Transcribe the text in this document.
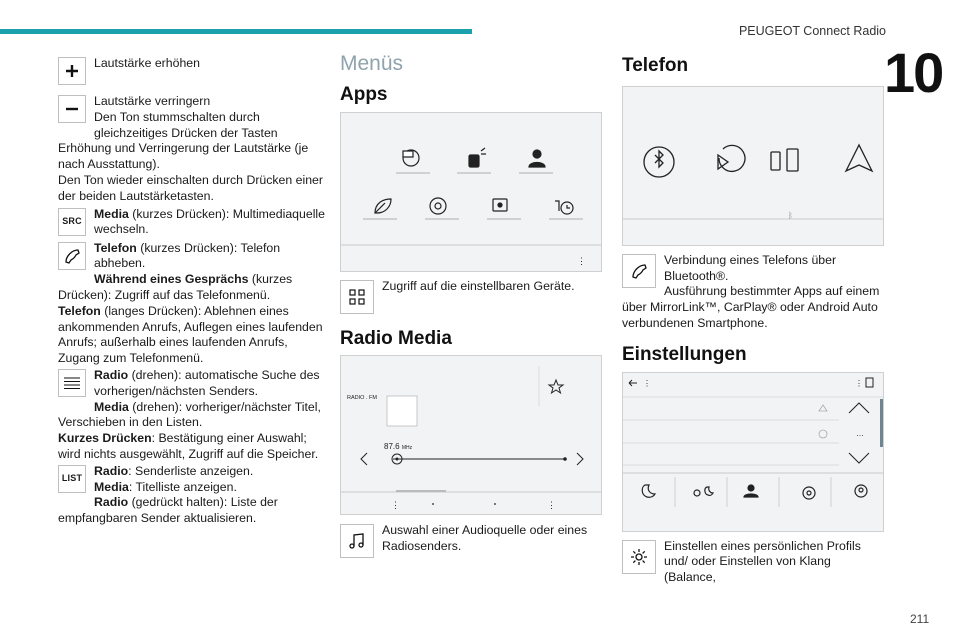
PEUGEOT Connect Radio
10
211
Lautstärke erhöhen
Lautstärke verringern
Den Ton stummschalten durch gleichzeitiges Drücken der Tasten Erhöhung und Verringerung der Lautstärke (je nach Ausstattung).
Den Ton wieder einschalten durch Drücken einer der beiden Lautstärketasten.
SRC
Media (kurzes Drücken): Multimediaquelle wechseln.
Telefon (kurzes Drücken): Telefon abheben.
Während eines Gesprächs (kurzes Drücken): Zugriff auf das Telefonmenü.
Telefon (langes Drücken): Ablehnen eines ankommenden Anrufs, Auflegen eines laufenden Anrufs; außerhalb eines laufenden Anrufs, Zugang zum Telefonmenü.
Radio (drehen): automatische Suche des vorherigen/nächsten Senders.
Media (drehen): vorheriger/nächster Titel, Verschieben in den Listen.
Kurzes Drücken: Bestätigung einer Auswahl; wird nichts ausgewählt, Zugriff auf die Speicher.
LIST
Radio: Senderliste anzeigen.
Media: Titelliste anzeigen.
Radio (gedrückt halten): Liste der empfangbaren Sender aktualisieren.
Menüs
Apps
⋮
Zugriff auf die einstellbaren Geräte.
Radio Media
RADIO . FM
87.6 MHz
⋮	⋮
Auswahl einer Audioquelle oder eines Radiosenders.
Telefon
ᛒ
Verbindung eines Telefons über Bluetooth®.
Ausführung bestimmter Apps auf einem über MirrorLink™, CarPlay® oder Android Auto verbundenen Smartphone.
Einstellungen
⋮	⋮
…
Einstellen eines persönlichen Profils und/ oder Einstellen von Klang (Balance,
